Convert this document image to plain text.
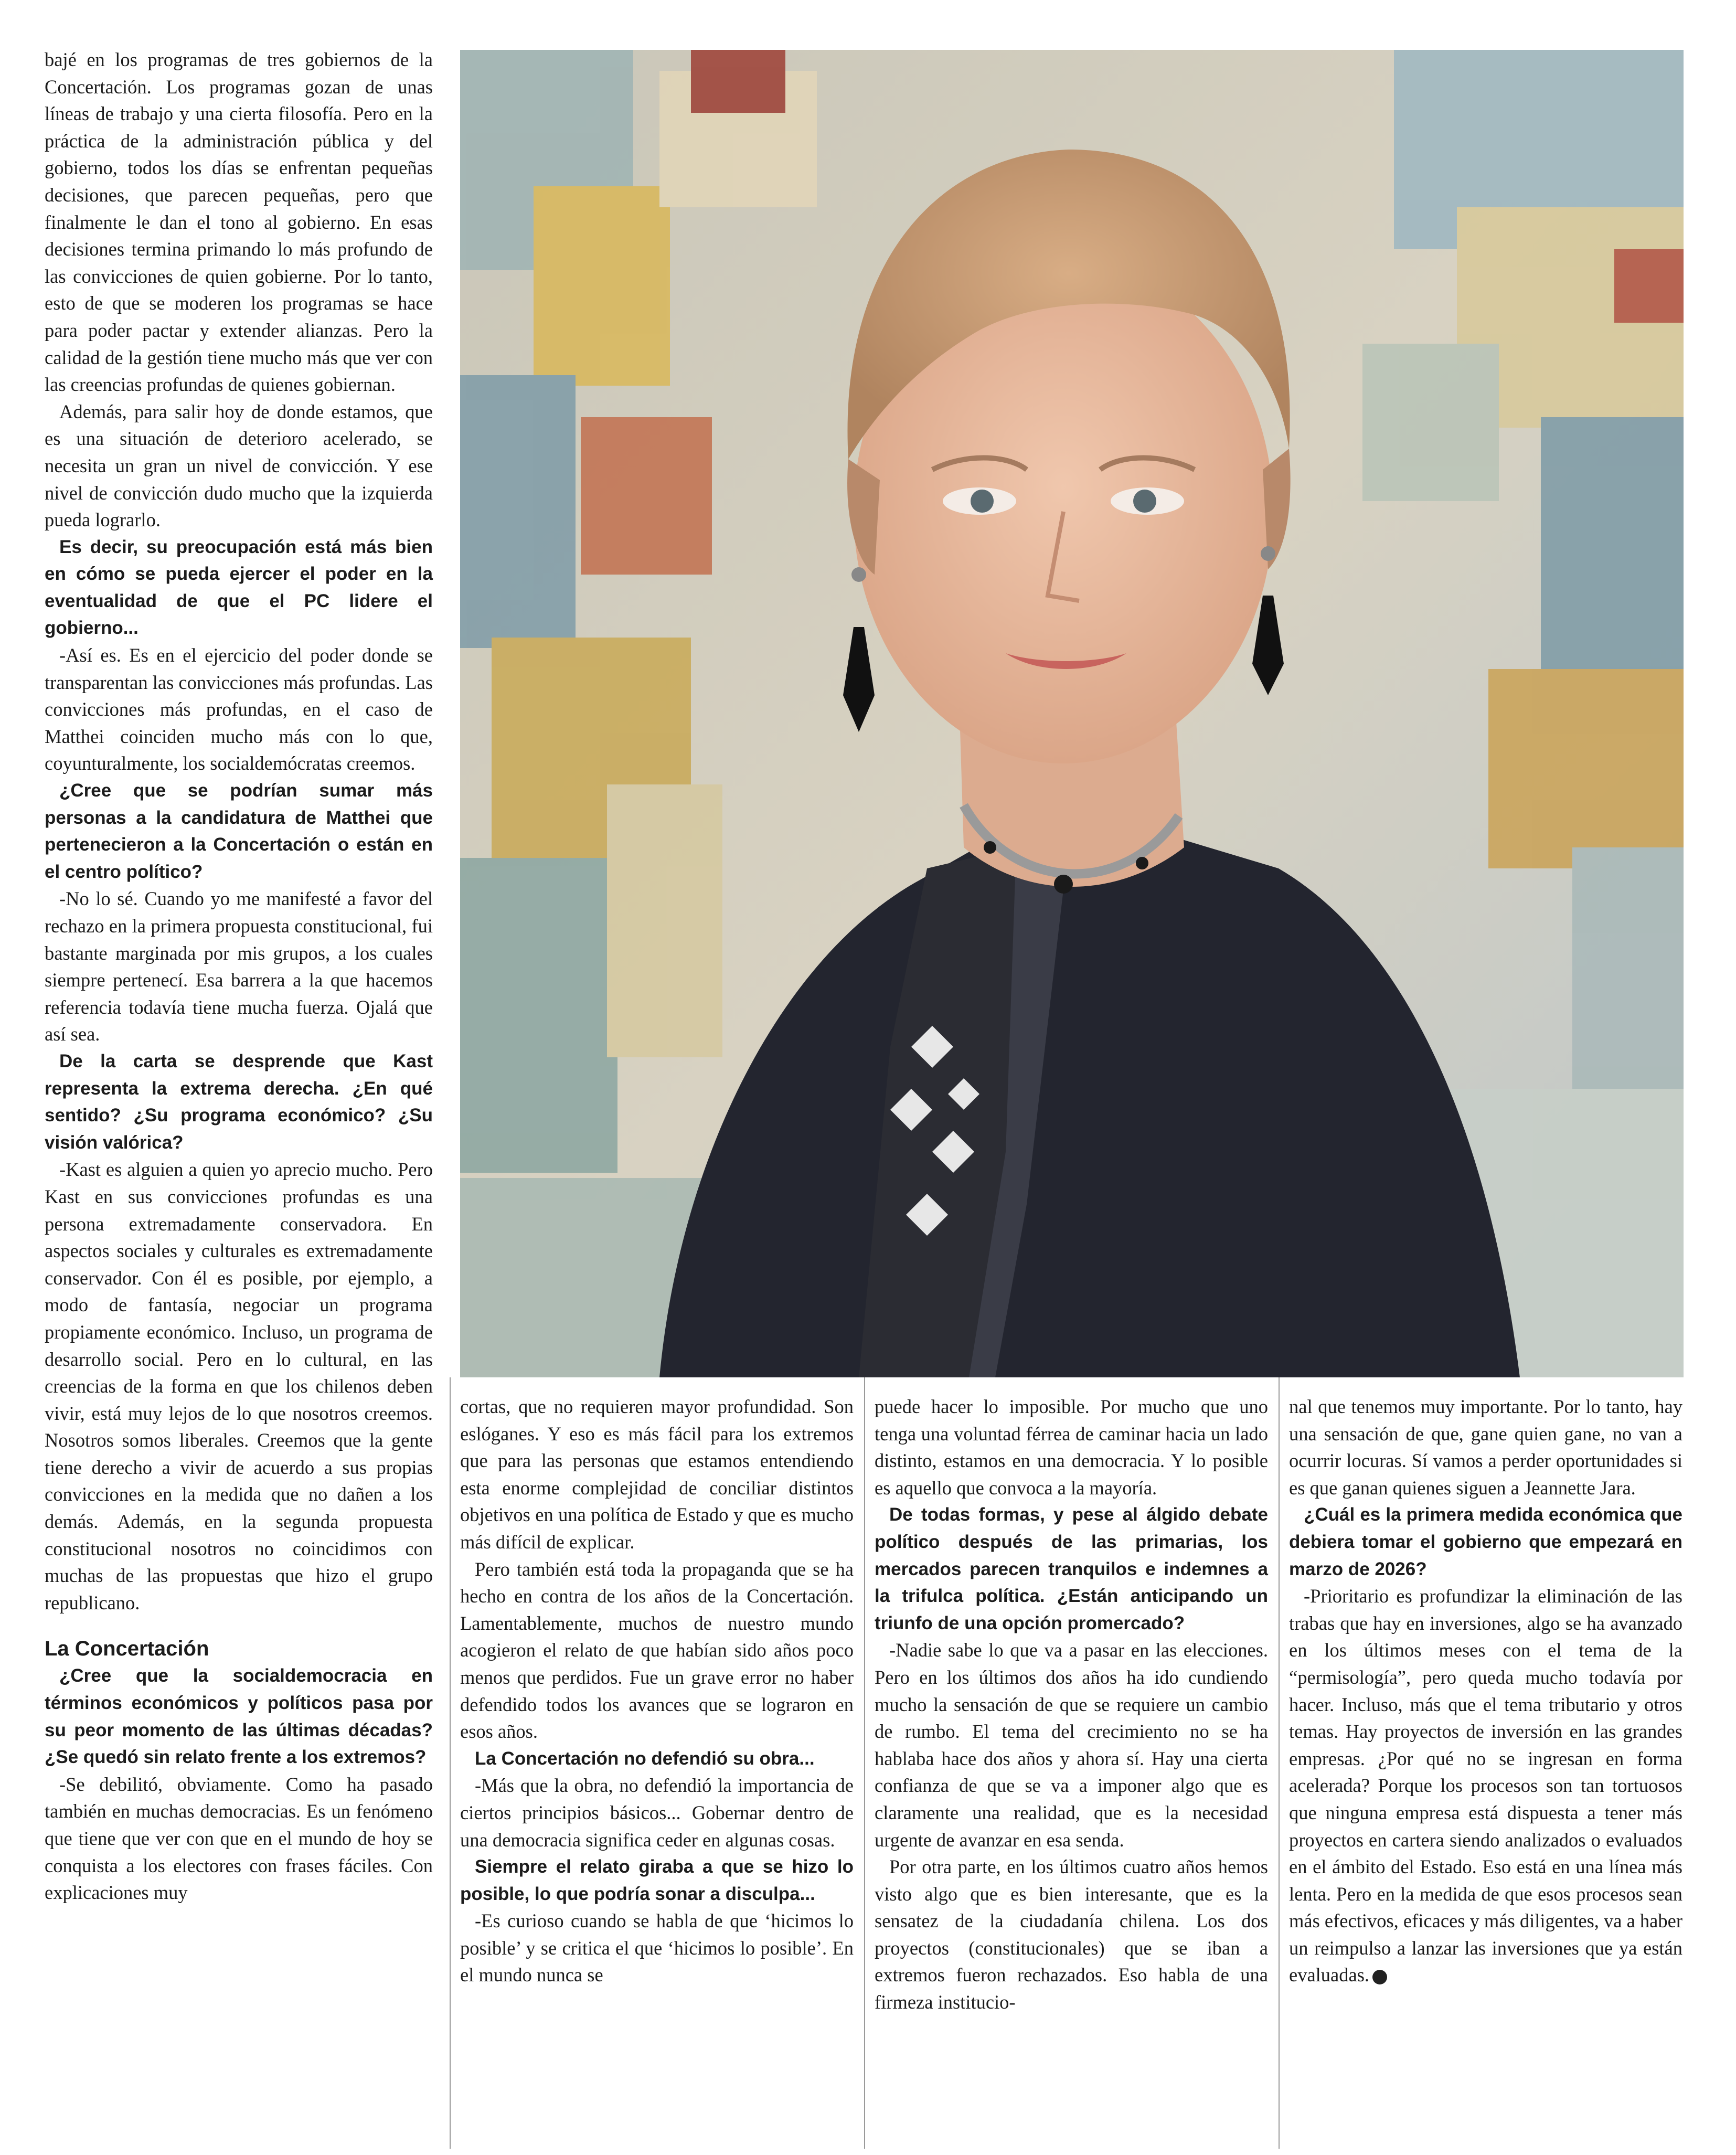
bajé en los programas de tres gobiernos de la Concertación. Los programas gozan de unas líneas de trabajo y una cierta filosofía. Pero en la práctica de la administración pública y del gobierno, todos los días se enfrentan pequeñas decisiones, que parecen pequeñas, pero que finalmente le dan el tono al gobierno. En esas decisiones termina primando lo más profundo de las convicciones de quien gobierne. Por lo tanto, esto de que se moderen los programas se hace para poder pactar y extender alianzas. Pero la calidad de la gestión tiene mucho más que ver con las creencias profundas de quienes gobiernan.

Además, para salir hoy de donde estamos, que es una situación de deterioro acelerado, se necesita un gran un nivel de convicción. Y ese nivel de convicción dudo mucho que la izquierda pueda lograrlo.

Es decir, su preocupación está más bien en cómo se pueda ejercer el poder en la eventualidad de que el PC lidere el gobierno...

-Así es. Es en el ejercicio del poder donde se transparentan las convicciones más profundas. Las convicciones más profundas, en el caso de Matthei coinciden mucho más con lo que, coyunturalmente, los socialdemócratas creemos.

¿Cree que se podrían sumar más personas a la candidatura de Matthei que pertenecieron a la Concertación o están en el centro político?

-No lo sé. Cuando yo me manifesté a favor del rechazo en la primera propuesta constitucional, fui bastante marginada por mis grupos, a los cuales siempre pertenecí. Esa barrera a la que hacemos referencia todavía tiene mucha fuerza. Ojalá que así sea.

De la carta se desprende que Kast representa la extrema derecha. ¿En qué sentido? ¿Su programa económico? ¿Su visión valórica?

-Kast es alguien a quien yo aprecio mucho. Pero Kast en sus convicciones profundas es una persona extremadamente conservadora. En aspectos sociales y culturales es extremadamente conservador. Con él es posible, por ejemplo, a modo de fantasía, negociar un programa propiamente económico. Incluso, un programa de desarrollo social. Pero en lo cultural, en las creencias de la forma en que los chilenos deben vivir, está muy lejos de lo que nosotros creemos. Nosotros somos liberales. Creemos que la gente tiene derecho a vivir de acuerdo a sus propias convicciones en la medida que no dañen a los demás. Además, en la segunda propuesta constitucional nosotros no coincidimos con muchas de las propuestas que hizo el grupo republicano.

La Concertación

¿Cree que la socialdemocracia en términos económicos y políticos pasa por su peor momento de las últimas décadas? ¿Se quedó sin relato frente a los extremos?

-Se debilitó, obviamente. Como ha pasado también en muchas democracias. Es un fenómeno que tiene que ver con que en el mundo de hoy se conquista a los electores con frases fáciles. Con explicaciones muy

cortas, que no requieren mayor profundidad. Son eslóganes. Y eso es más fácil para los extremos que para las personas que estamos entendiendo esta enorme complejidad de conciliar distintos objetivos en una política de Estado y que es mucho más difícil de explicar.

Pero también está toda la propaganda que se ha hecho en contra de los años de la Concertación. Lamentablemente, muchos de nuestro mundo acogieron el relato de que habían sido años poco menos que perdidos. Fue un grave error no haber defendido todos los avances que se lograron en esos años.

La Concertación no defendió su obra...

-Más que la obra, no defendió la importancia de ciertos principios básicos... Gobernar dentro de una democracia significa ceder en algunas cosas.

Siempre el relato giraba a que se hizo lo posible, lo que podría sonar a disculpa...

-Es curioso cuando se habla de que ‘hicimos lo posible’ y se critica el que ‘hicimos lo posible’. En el mundo nunca se

puede hacer lo imposible. Por mucho que uno tenga una voluntad férrea de caminar hacia un lado distinto, estamos en una democracia. Y lo posible es aquello que convoca a la mayoría.

De todas formas, y pese al álgido debate político después de las primarias, los mercados parecen tranquilos e indemnes a la trifulca política. ¿Están anticipando un triunfo de una opción promercado?

-Nadie sabe lo que va a pasar en las elecciones. Pero en los últimos dos años ha ido cundiendo mucho la sensación de que se requiere un cambio de rumbo. El tema del crecimiento no se ha hablaba hace dos años y ahora sí. Hay una cierta confianza de que se va a imponer algo que es claramente una realidad, que es la necesidad urgente de avanzar en esa senda.

Por otra parte, en los últimos cuatro años hemos visto algo que es bien interesante, que es la sensatez de la ciudadanía chilena. Los dos proyectos (constitucionales) que se iban a extremos fueron rechazados. Eso habla de una firmeza institucio-

nal que tenemos muy importante. Por lo tanto, hay una sensación de que, gane quien gane, no van a ocurrir locuras. Sí vamos a perder oportunidades si es que ganan quienes siguen a Jeannette Jara.

¿Cuál es la primera medida económica que debiera tomar el gobierno que empezará en marzo de 2026?

-Prioritario es profundizar la eliminación de las trabas que hay en inversiones, algo se ha avanzado en los últimos meses con el tema de la “permisología”, pero queda mucho todavía por hacer. Incluso, más que el tema tributario y otros temas. Hay proyectos de inversión en las grandes empresas. ¿Por qué no se ingresan en forma acelerada? Porque los procesos son tan tortuosos que ninguna empresa está dispuesta a tener más proyectos en cartera siendo analizados o evaluados en el ámbito del Estado. Eso está en una línea más lenta. Pero en la medida de que esos procesos sean más efectivos, eficaces y más diligentes, va a haber un reimpulso a lanzar las inversiones que ya están evaluadas. P
